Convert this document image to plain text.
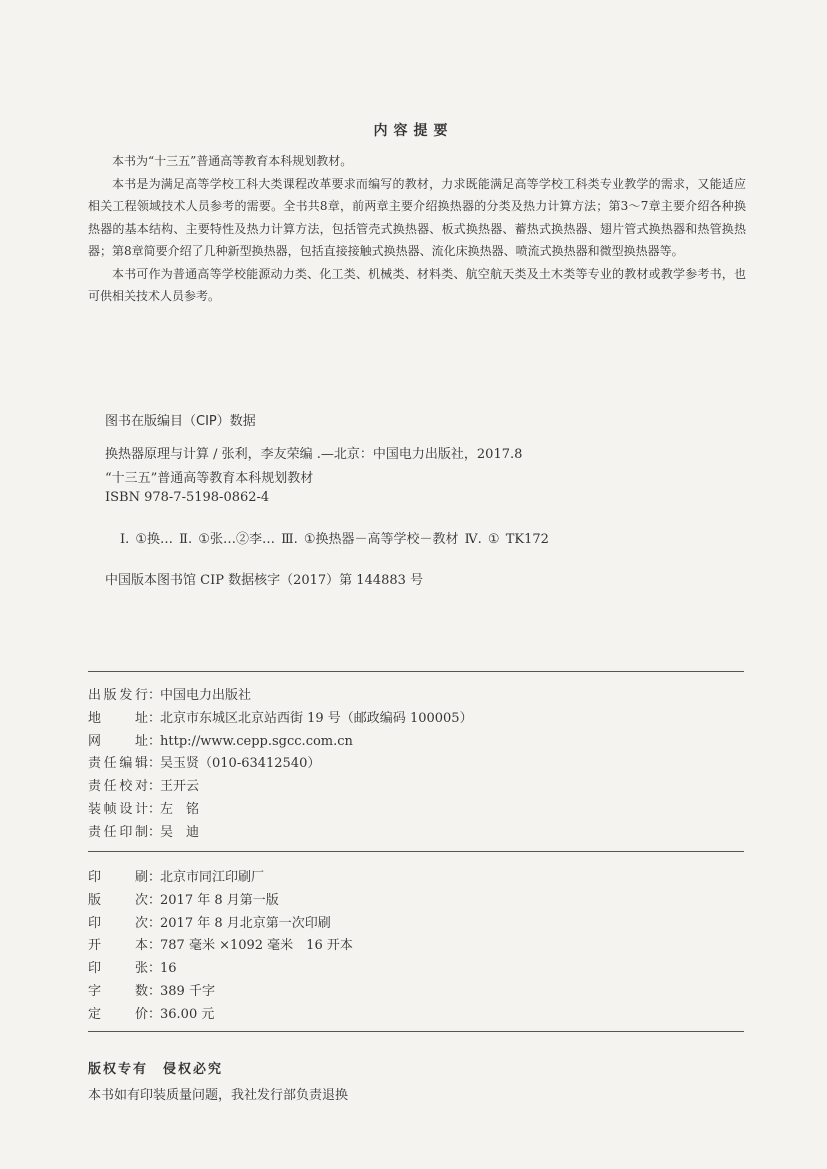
内容提要

本书为“十三五”普通高等教育本科规划教材。

本书是为满足高等学校工科大类课程改革要求而编写的教材，力求既能满足高等学校工科类专业教学的需求，又能适应相关工程领域技术人员参考的需要。全书共8章，前两章主要介绍换热器的分类及热力计算方法；第3～7章主要介绍各种换热器的基本结构、主要特性及热力计算方法，包括管壳式换热器、板式换热器、蓄热式换热器、翅片管式换热器和热管换热器；第8章简要介绍了几种新型换热器，包括直接接触式换热器、流化床换热器、喷流式换热器和微型换热器等。

本书可作为普通高等学校能源动力类、化工类、机械类、材料类、航空航天类及土木类等专业的教材或教学参考书，也可供相关技术人员参考。

图书在版编目（CIP）数据
换热器原理与计算 / 张利，李友荣编 .—北京：中国电力出版社，2017.8
“十三五”普通高等教育本科规划教材
ISBN 978-7-5198-0862-4
Ⅰ. ①换… Ⅱ. ①张…②李… Ⅲ. ①换热器－高等学校－教材 Ⅳ. ① TK172
中国版本图书馆 CIP 数据核字（2017）第 144883 号
出版发行：中国电力出版社
地址：北京市东城区北京站西街 19 号（邮政编码 100005）
网址：http://www.cepp.sgcc.com.cn
责任编辑：吴玉贤（010-63412540）
责任校对：王开云
装帧设计：左　铭
责任印制：吴　迪
印刷：北京市同江印刷厂
版次：2017 年 8 月第一版
印次：2017 年 8 月北京第一次印刷
开本：787 毫米 ×1092 毫米　16 开本
印张：16
字数：389 千字
定价：36.00 元
版权专有　侵权必究
本书如有印装质量问题，我社发行部负责退换
